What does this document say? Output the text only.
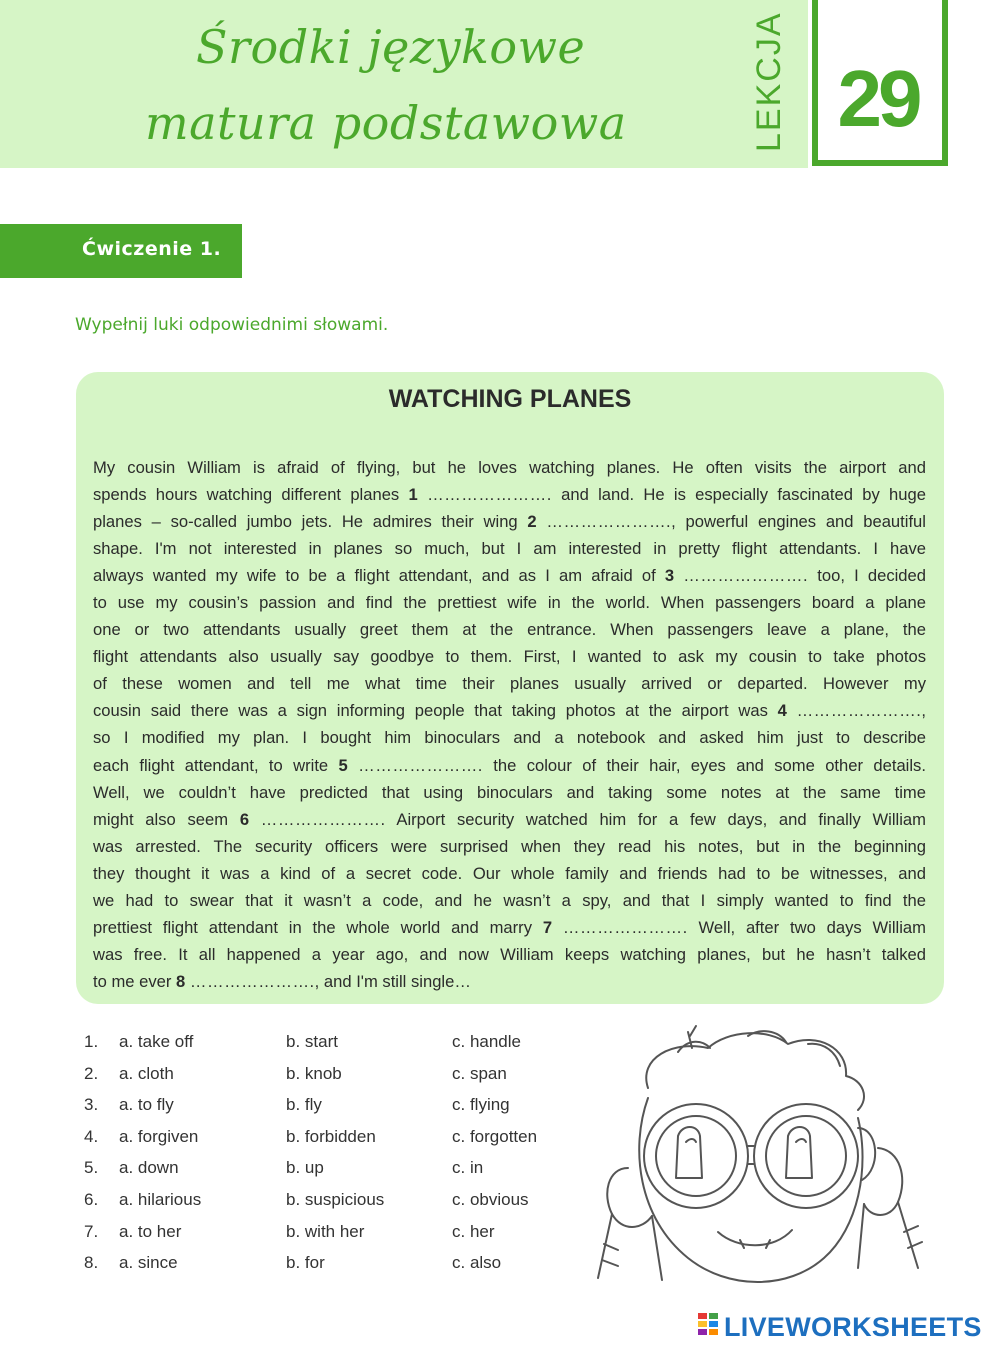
Środki językowe
matura podstawowa	LEKCJA 29
Ćwiczenie 1.
Wypełnij luki odpowiednimi słowami.
WATCHING PLANES
My cousin William is afraid of flying, but he loves watching planes. He often visits the airport and
spends hours watching different planes 1 …………………. and land. He is especially fascinated by huge
planes – so-called jumbo jets. He admires their wing 2 …………………., powerful engines and beautiful
shape. I'm not interested in planes so much, but I am interested in pretty flight attendants. I have
always wanted my wife to be a flight attendant, and as I am afraid of 3 …………………. too, I decided
to use my cousin’s passion and find the prettiest wife in the world. When passengers board a plane
one or two attendants usually greet them at the entrance. When passengers leave a plane, the
flight attendants also usually say goodbye to them. First, I wanted to ask my cousin to take photos
of these women and tell me what time their planes usually arrived or departed. However my
cousin said there was a sign informing people that taking photos at the airport was 4 ………………….,
so I modified my plan. I bought him binoculars and a notebook and asked him just to describe
each flight attendant, to write 5 …………………. the colour of their hair, eyes and some other details.
Well, we couldn’t have predicted that using binoculars and taking some notes at the same time
might also seem 6 …………………. Airport security watched him for a few days, and finally William
was arrested. The security officers were surprised when they read his notes, but in the beginning
they thought it was a kind of a secret code. Our whole family and friends had to be witnesses, and
we had to swear that it wasn’t a code, and he wasn’t a spy, and that I simply wanted to find the
prettiest flight attendant in the whole world and marry 7 …………………. Well, after two days William
was free. It all happened a year ago, and now William keeps watching planes, but he hasn’t talked
to me ever 8 …………………., and I'm still single…
1. a. take off	b. start	c. handle
2. a. cloth	b. knob	c. span
3. a. to fly	b. fly	c. flying
4. a. forgiven	b. forbidden	c. forgotten
5. a. down	b. up	c. in
6. a. hilarious	b. suspicious	c. obvious
7. a. to her	b. with her	c. her
8. a. since	b. for	c. also
LIVEWORKSHEETS
